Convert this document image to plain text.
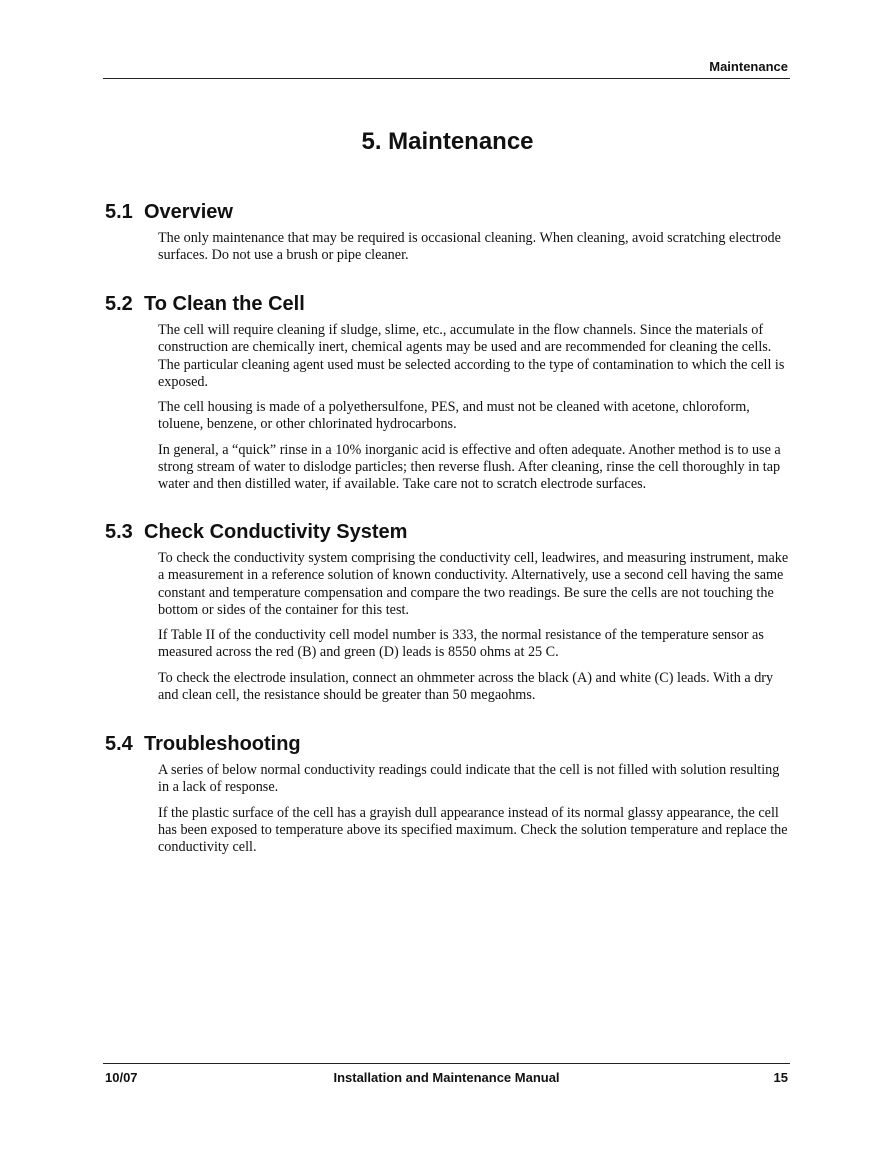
Maintenance
5. Maintenance
5.1 Overview

The only maintenance that may be required is occasional cleaning. When cleaning, avoid scratching electrode surfaces. Do not use a brush or pipe cleaner.

5.2 To Clean the Cell

The cell will require cleaning if sludge, slime, etc., accumulate in the flow channels. Since the materials of construction are chemically inert, chemical agents may be used and are recommended for cleaning the cells. The particular cleaning agent used must be selected according to the type of contamination to which the cell is exposed.

The cell housing is made of a polyethersulfone, PES, and must not be cleaned with acetone, chloroform, toluene, benzene, or other chlorinated hydrocarbons.

In general, a “quick” rinse in a 10% inorganic acid is effective and often adequate. Another method is to use a strong stream of water to dislodge particles; then reverse flush. After cleaning, rinse the cell thoroughly in tap water and then distilled water, if available. Take care not to scratch electrode surfaces.

5.3 Check Conductivity System

To check the conductivity system comprising the conductivity cell, leadwires, and measuring instrument, make a measurement in a reference solution of known conductivity. Alternatively, use a second cell having the same constant and temperature compensation and compare the two readings. Be sure the cells are not touching the bottom or sides of the container for this test.

If Table II of the conductivity cell model number is 333, the normal resistance of the temperature sensor as measured across the red (B) and green (D) leads is 8550 ohms at 25 C.

To check the electrode insulation, connect an ohmmeter across the black (A) and white (C) leads. With a dry and clean cell, the resistance should be greater than 50 megaohms.

5.4 Troubleshooting

A series of below normal conductivity readings could indicate that the cell is not filled with solution resulting in a lack of response.

If the plastic surface of the cell has a grayish dull appearance instead of its normal glassy appearance, the cell has been exposed to temperature above its specified maximum. Check the solution temperature and replace the conductivity cell.

Installation and Maintenance Manual
10/07	15
